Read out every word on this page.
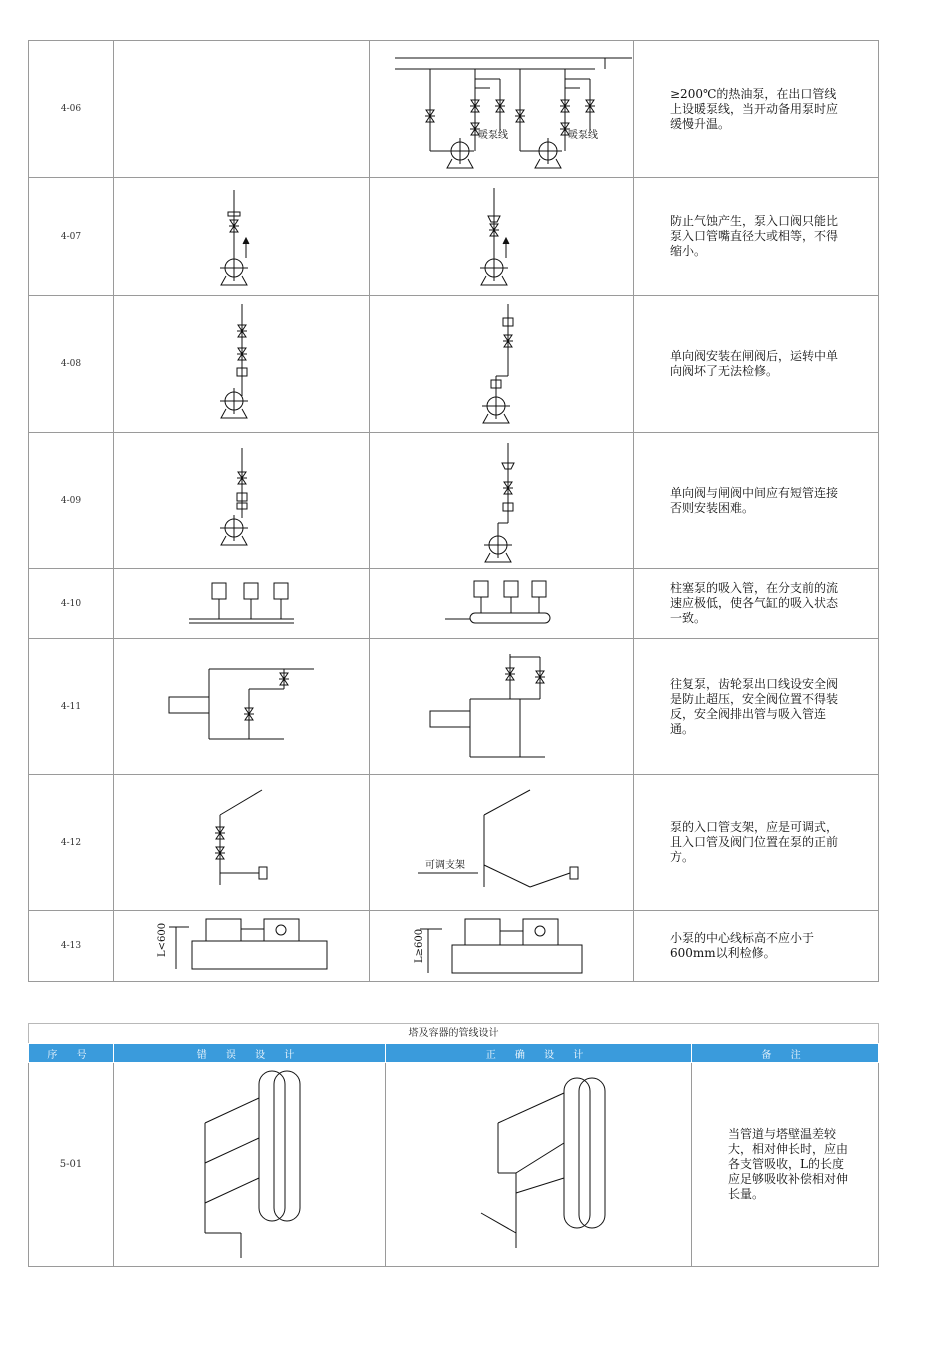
4-06		暖泵线 暖泵线	≥200℃的热油泵，在出口管线上设暖泵线，当开动备用泵时应缓慢升温。
4-07			防止气蚀产生，泵入口阀只能比泵入口管嘴直径大或相等，不得缩小。
4-08			单向阀安装在闸阀后，运转中单向阀坏了无法检修。
4-09			单向阀与闸阀中间应有短管连接否则安装困难。
4-10			柱塞泵的吸入管，在分支前的流速应极低，使各气缸的吸入状态一致。
4-11			往复泵，齿轮泵出口线设安全阀是防止超压，安全阀位置不得装反，安全阀排出管与吸入管连通。
4-12		可调支架	泵的入口管支架，应是可调式，且入口管及阀门位置在泵的正前方。
4-13	L<600	L≥600	小泵的中心线标高不应小于600mm以利检修。
塔及容器的管线设计
序 号	错 误 设 计	正 确 设 计	备 注
5-01			当管道与塔壁温差较大，相对伸长时，应由各支管吸收，L的长度应足够吸收补偿相对伸长量。
